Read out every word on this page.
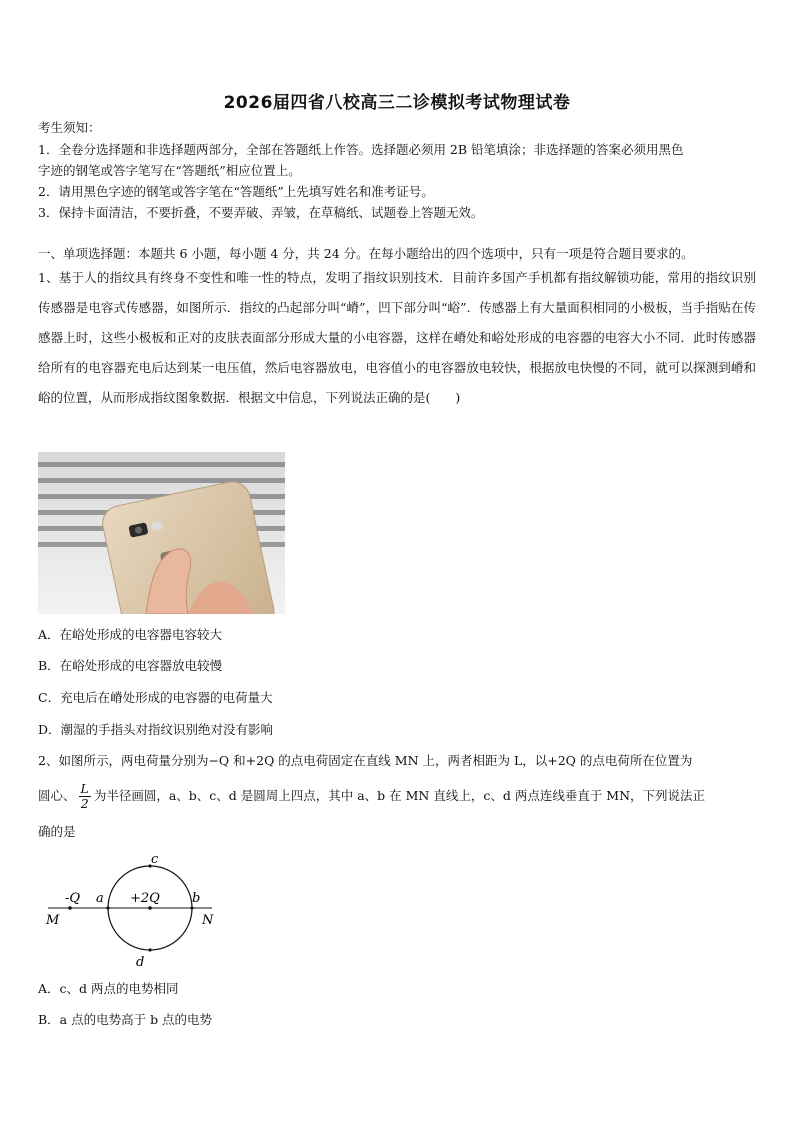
2026届四省八校高三二诊模拟考试物理试卷
考生须知：
1．全卷分选择题和非选择题两部分，全部在答题纸上作答。选择题必须用 2B 铅笔填涂；非选择题的答案必须用黑色
字迹的钢笔或答字笔写在“答题纸”相应位置上。
2．请用黑色字迹的钢笔或答字笔在“答题纸”上先填写姓名和准考证号。
3．保持卡面清洁，不要折叠，不要弄破、弄皱，在草稿纸、试题卷上答题无效。
一、单项选择题：本题共 6 小题，每小题 4 分，共 24 分。在每小题给出的四个选项中，只有一项是符合题目要求的。
1、基于人的指纹具有终身不变性和唯一性的特点，发明了指纹识别技术．目前许多国产手机都有指纹解锁功能，常用的指纹识别传感器是电容式传感器，如图所示．指纹的凸起部分叫“嵴”，凹下部分叫“峪”．传感器上有大量面积相同的小极板，当手指贴在传感器上时，这些小极板和正对的皮肤表面部分形成大量的小电容器，这样在嵴处和峪处形成的电容器的电容大小不同．此时传感器给所有的电容器充电后达到某一电压值，然后电容器放电，电容值小的电容器放电较快，根据放电快慢的不同，就可以探测到嵴和峪的位置，从而形成指纹图象数据．根据文中信息，下列说法正确的是(　　)
A．在峪处形成的电容器电容较大
B．在峪处形成的电容器放电较慢
C．充电后在嵴处形成的电容器的电荷量大
D．潮湿的手指头对指纹识别绝对没有影响
2、如图所示，两电荷量分别为−Q 和+2Q 的点电荷固定在直线 MN 上，两者相距为 L，以+2Q 的点电荷所在位置为
圆心、 $\frac{L}{2}$ 为半径画圆，a、b、c、d 是圆周上四点，其中 a、b 在 MN 直线上，c、d 两点连线垂直于 MN，下列说法正
确的是
-Q	+2Q
M	N
a	b
c
d
A．c、d 两点的电势相同
B．a 点的电势高于 b 点的电势
